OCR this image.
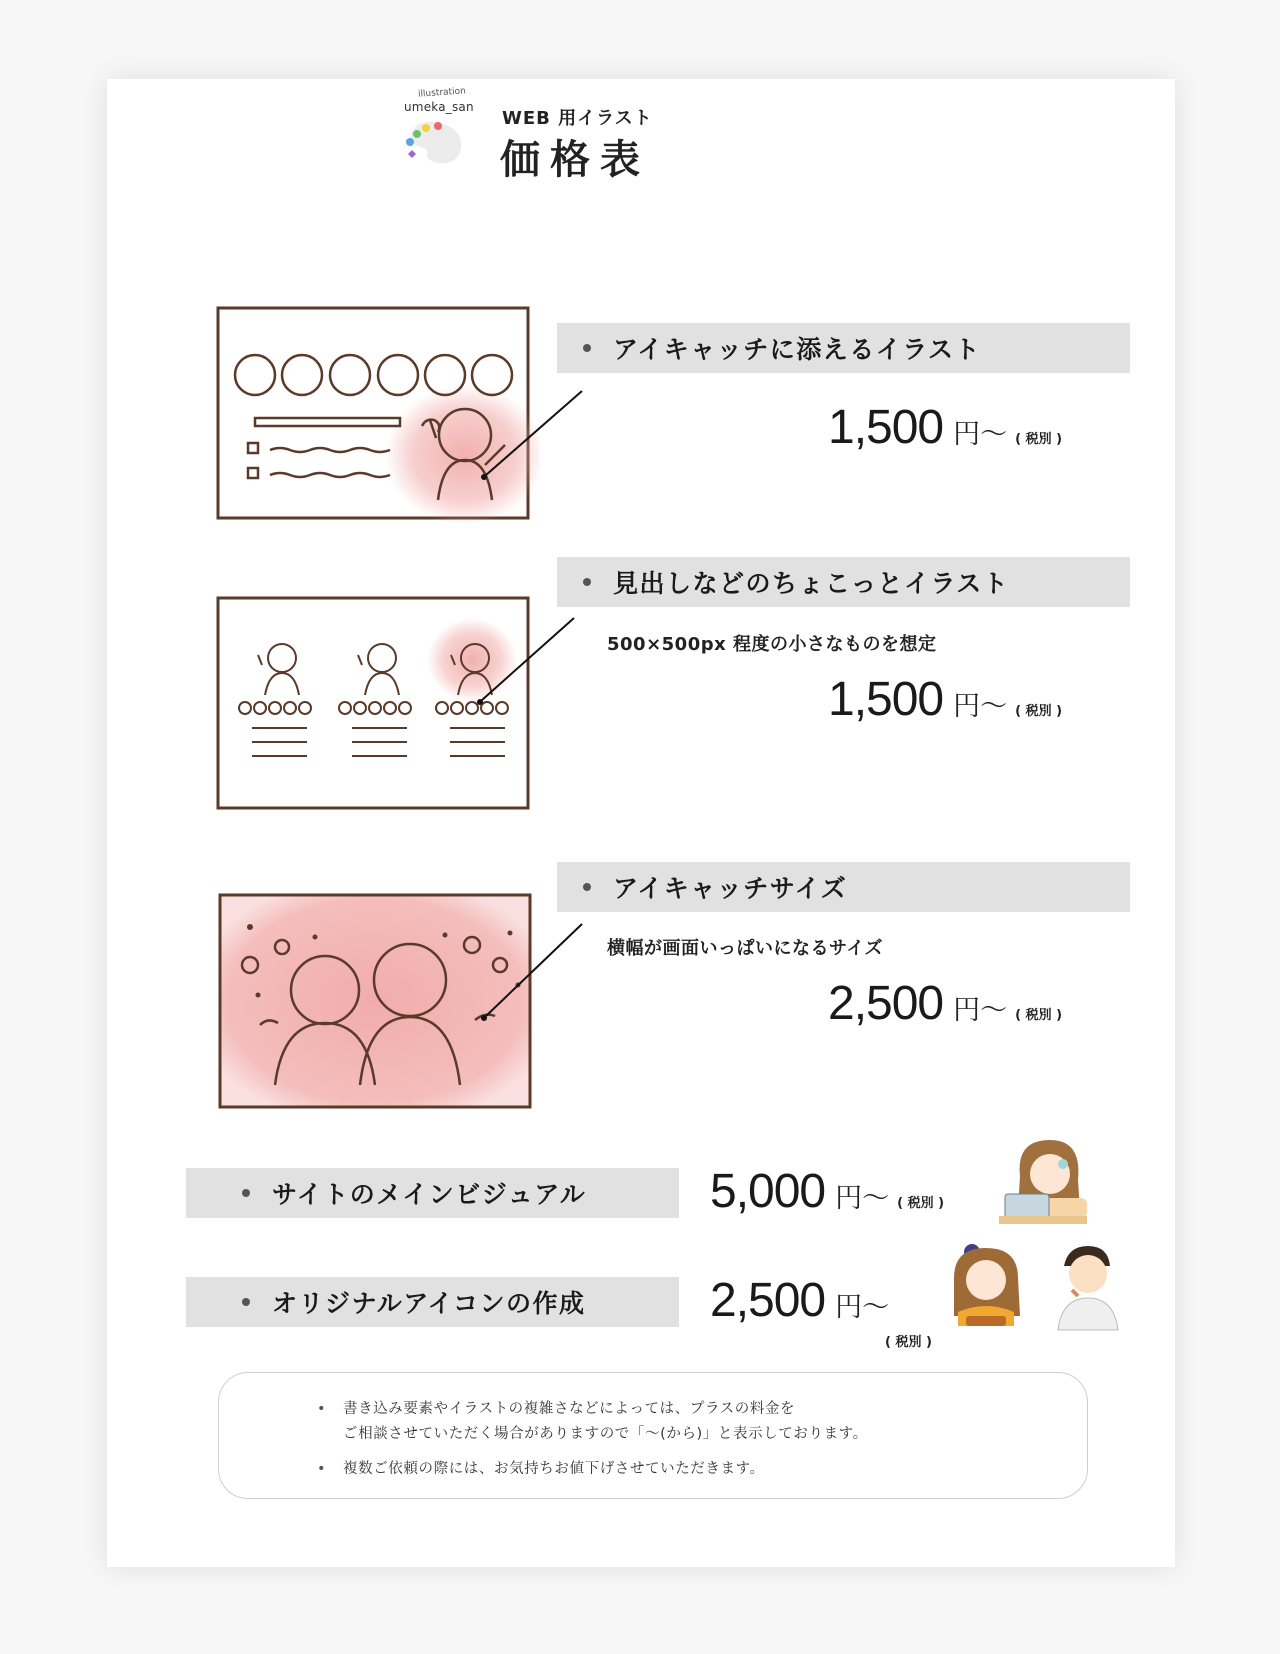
illustration
umeka_san
WEB 用イラスト
価格表
アイキャッチに添えるイラスト
1,500 円〜 ( 税別 )
見出しなどのちょこっとイラスト
500×500px 程度の小さなものを想定
1,500 円〜 ( 税別 )
アイキャッチサイズ
横幅が画面いっぱいになるサイズ
2,500 円〜 ( 税別 )
サイトのメインビジュアル	5,000 円〜 ( 税別 )
オリジナルアイコンの作成	2,500 円〜
( 税別 )
• 書き込み要素やイラストの複雑さなどによっては、プラスの料金を
ご相談させていただく場合がありますので「〜(から)」と表示しております。
• 複数ご依頼の際には、お気持ちお値下げさせていただきます。
